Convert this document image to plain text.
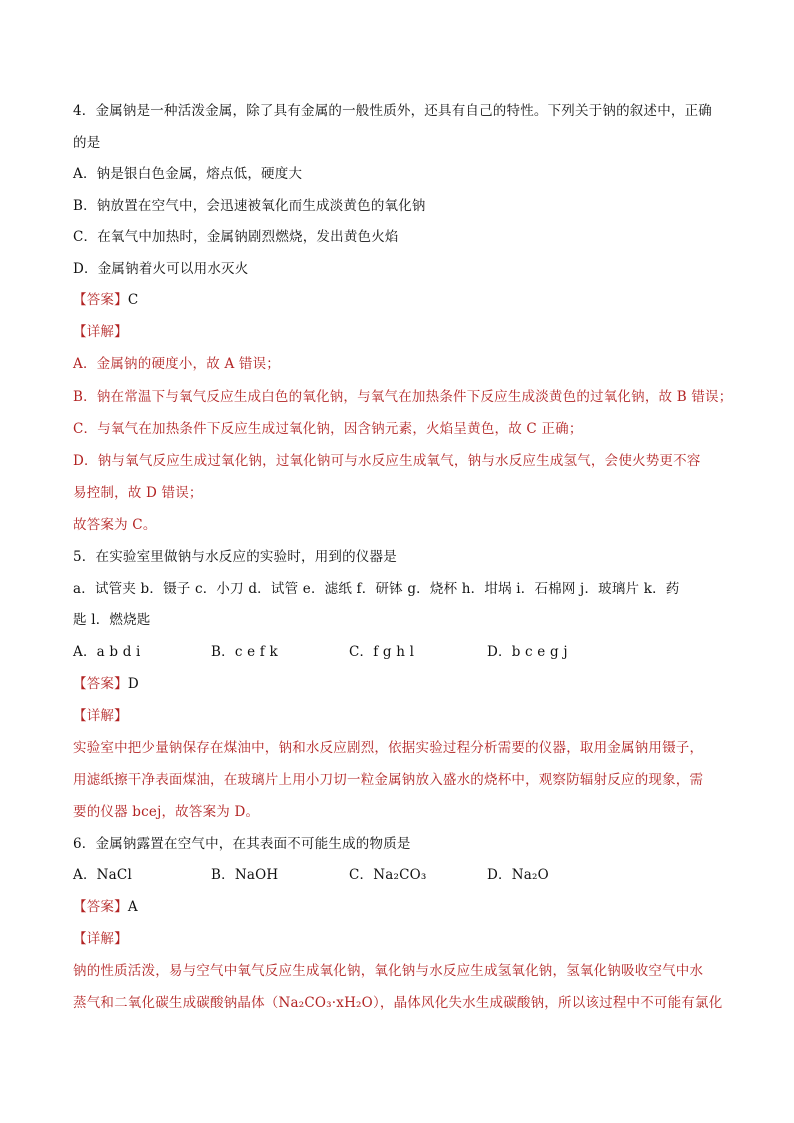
4．金属钠是一种活泼金属，除了具有金属的一般性质外，还具有自己的特性。下列关于钠的叙述中，正确
的是
A．钠是银白色金属，熔点低，硬度大
B．钠放置在空气中，会迅速被氧化而生成淡黄色的氧化钠
C．在氧气中加热时，金属钠剧烈燃烧，发出黄色火焰
D．金属钠着火可以用水灭火
【答案】C
【详解】
A．金属钠的硬度小，故 A 错误；
B．钠在常温下与氧气反应生成白色的氧化钠，与氧气在加热条件下反应生成淡黄色的过氧化钠，故 B 错误；
C．与氧气在加热条件下反应生成过氧化钠，因含钠元素，火焰呈黄色，故 C 正确；
D．钠与氧气反应生成过氧化钠，过氧化钠可与水反应生成氧气，钠与水反应生成氢气，会使火势更不容
易控制，故 D 错误；
故答案为 C。
5．在实验室里做钠与水反应的实验时，用到的仪器是
a．试管夹 b．镊子 c．小刀 d．试管 e．滤纸 f．研钵 g．烧杯 h．坩埚 i．石棉网 j．玻璃片 k．药
匙 l．燃烧匙
A．a b d i	B．c e f k	C．f g h l	D．b c e g j
【答案】D
【详解】
实验室中把少量钠保存在煤油中，钠和水反应剧烈，依据实验过程分析需要的仪器，取用金属钠用镊子，
用滤纸擦干净表面煤油，在玻璃片上用小刀切一粒金属钠放入盛水的烧杯中，观察防辐射反应的现象，需
要的仪器 bcej，故答案为 D。
6．金属钠露置在空气中，在其表面不可能生成的物质是
A．NaCl	B．NaOH	C．Na₂CO₃	D．Na₂O
【答案】A
【详解】
钠的性质活泼，易与空气中氧气反应生成氧化钠，氧化钠与水反应生成氢氧化钠，氢氧化钠吸收空气中水
蒸气和二氧化碳生成碳酸钠晶体（Na₂CO₃·xH₂O），晶体风化失水生成碳酸钠，所以该过程中不可能有氯化
